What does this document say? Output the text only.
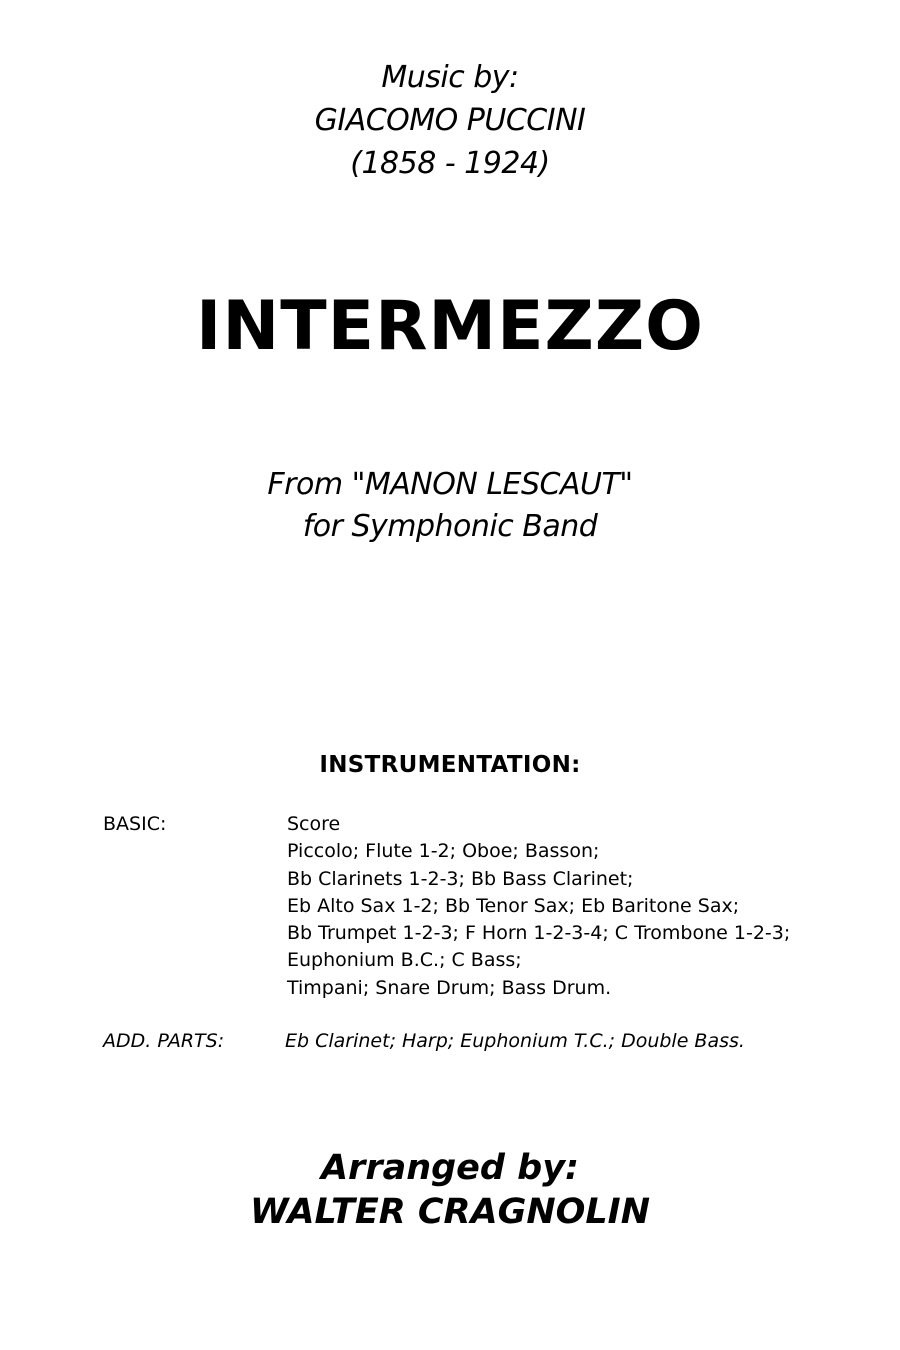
Music by:
GIACOMO PUCCINI
(1858 - 1924)
INTERMEZZO
From "MANON LESCAUT"
for Symphonic Band
INSTRUMENTATION:
BASIC:	Score
Piccolo; Flute 1-2; Oboe; Basson;
Bb Clarinets 1-2-3; Bb Bass Clarinet;
Eb Alto Sax 1-2; Bb Tenor Sax; Eb Baritone Sax;
Bb Trumpet 1-2-3; F Horn 1-2-3-4; C Trombone 1-2-3;
Euphonium B.C.; C Bass;
Timpani; Snare Drum; Bass Drum.
ADD. PARTS:	Eb Clarinet; Harp; Euphonium T.C.; Double Bass.
Arranged by:
WALTER CRAGNOLIN
